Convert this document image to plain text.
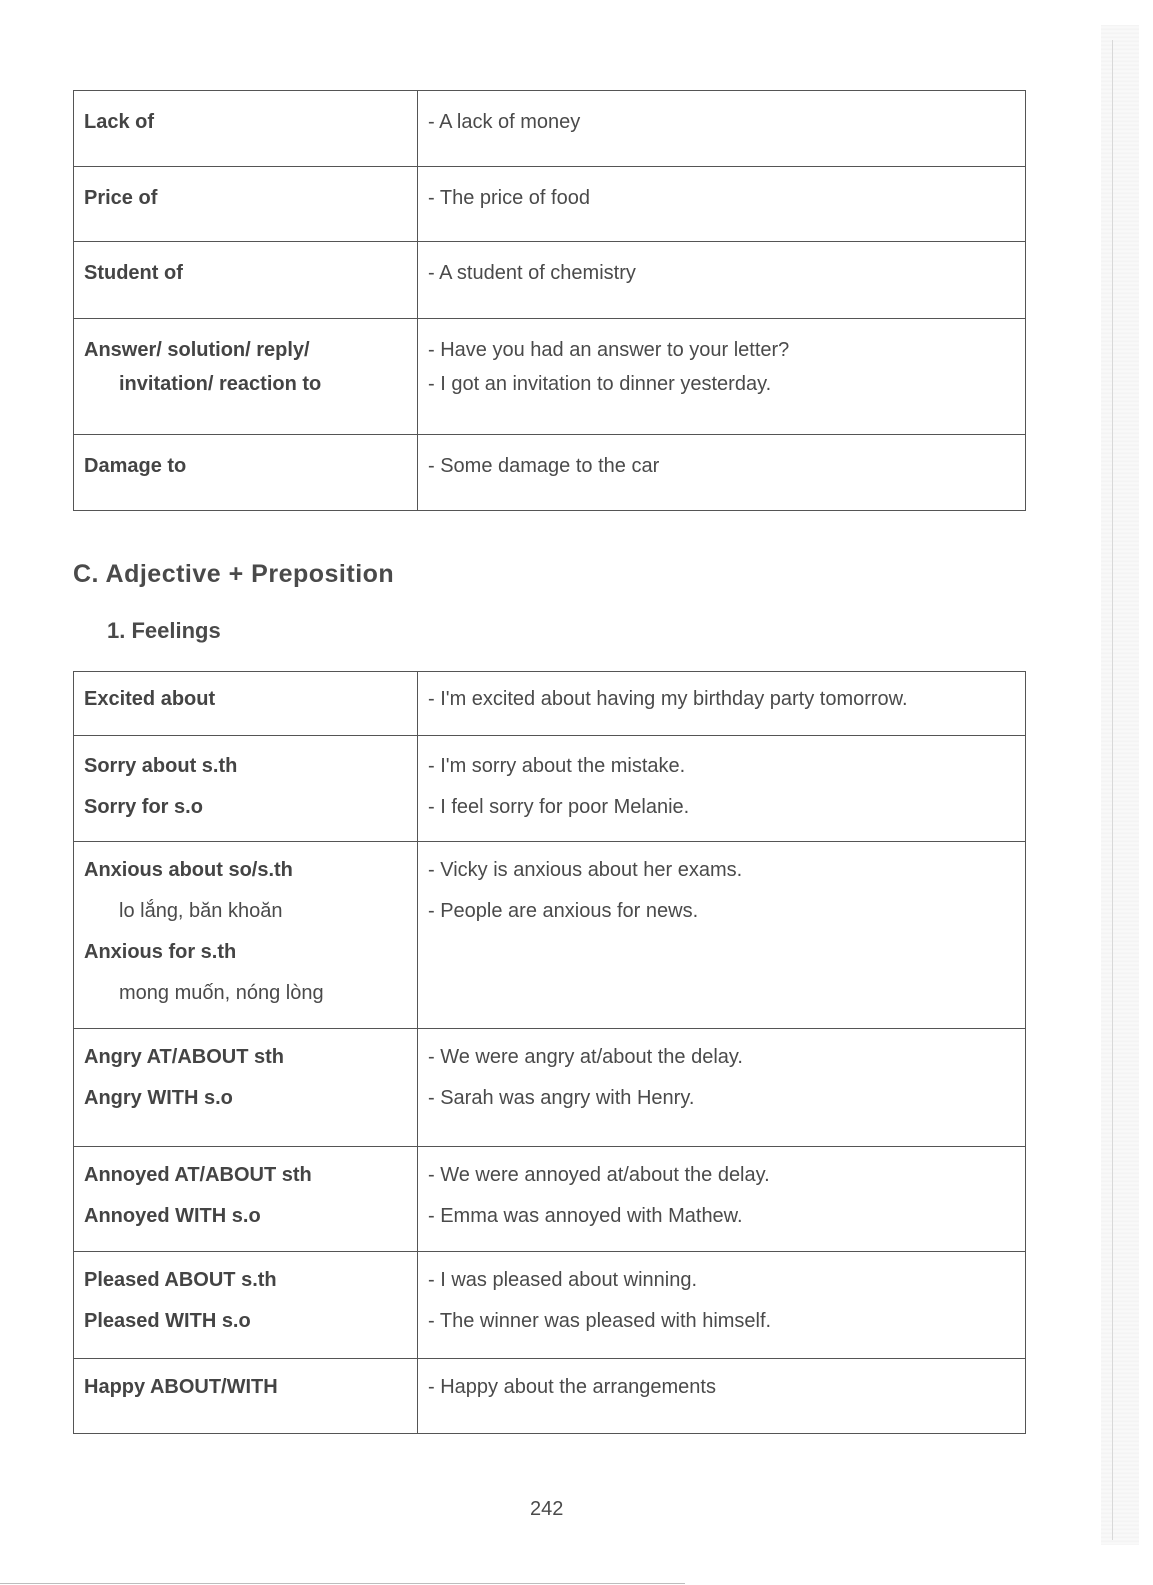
Lack of	- A lack of money

Price of	- The price of food

Student of	- A student of chemistry

Answer/ solution/ reply/
invitation/ reaction to	- Have you had an answer to your letter?
- I got an invitation to dinner yesterday.

Damage to	- Some damage to the car
C. Adjective + Preposition
1. Feelings
Excited about	- I'm excited about having my birthday party tomorrow.

Sorry about s.th
Sorry for s.o	- I'm sorry about the mistake.
- I feel sorry for poor Melanie.

Anxious about so/s.th
lo lắng, băn khoăn
Anxious for s.th
mong muốn, nóng lòng	- Vicky is anxious about her exams.
- People are anxious for news.

Angry AT/ABOUT sth
Angry WITH s.o	- We were angry at/about the delay.
- Sarah was angry with Henry.

Annoyed AT/ABOUT sth
Annoyed WITH s.o	- We were annoyed at/about the delay.
- Emma was annoyed with Mathew.

Pleased ABOUT s.th
Pleased WITH s.o	- I was pleased about winning.
- The winner was pleased with himself.

Happy ABOUT/WITH	- Happy about the arrangements
242
